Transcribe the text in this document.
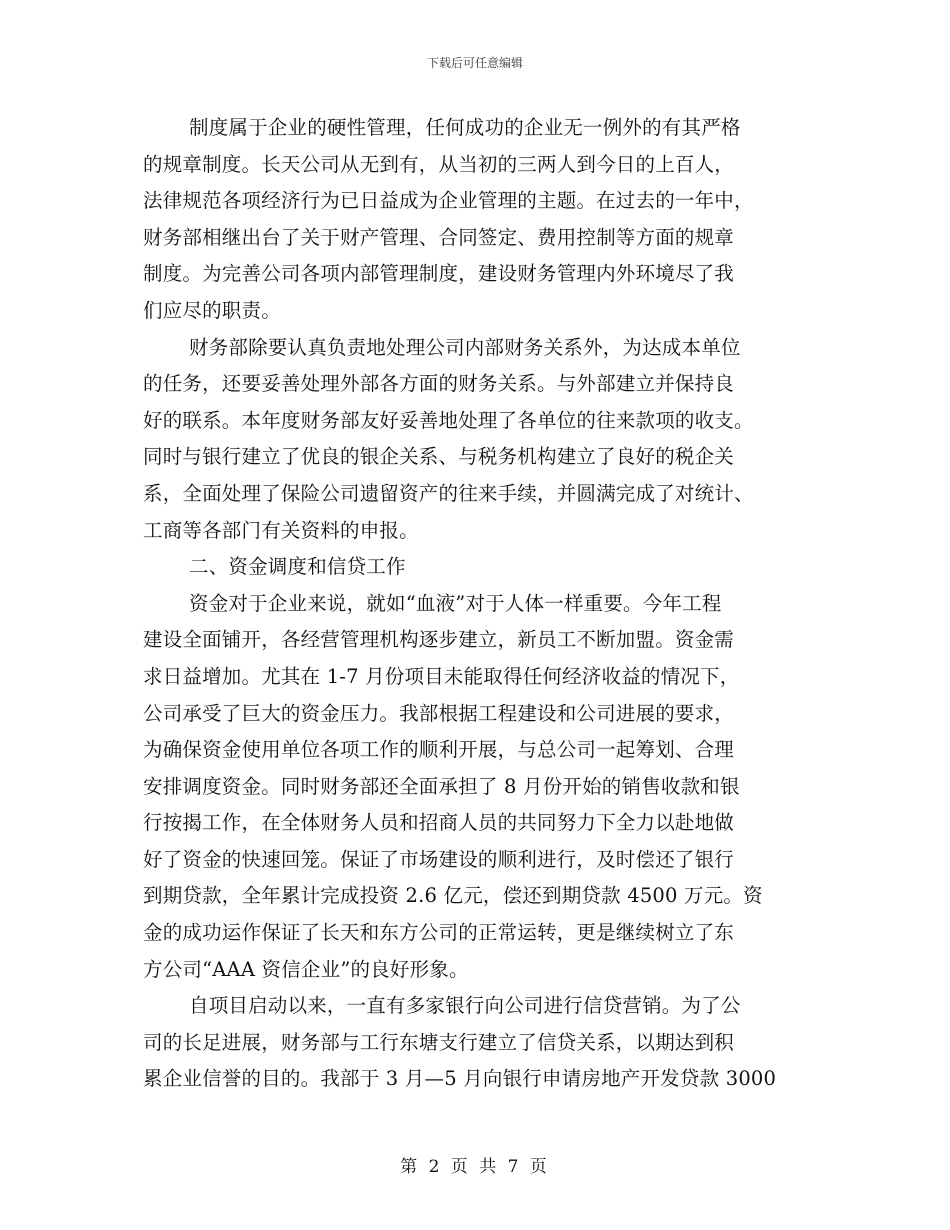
下载后可任意编辑
制度属于企业的硬性管理，任何成功的企业无一例外的有其严格
的规章制度。长天公司从无到有，从当初的三两人到今日的上百人，
法律规范各项经济行为已日益成为企业管理的主题。在过去的一年中，
财务部相继出台了关于财产管理、合同签定、费用控制等方面的规章
制度。为完善公司各项内部管理制度，建设财务管理内外环境尽了我
们应尽的职责。
财务部除要认真负责地处理公司内部财务关系外，为达成本单位
的任务，还要妥善处理外部各方面的财务关系。与外部建立并保持良
好的联系。本年度财务部友好妥善地处理了各单位的往来款项的收支。
同时与银行建立了优良的银企关系、与税务机构建立了良好的税企关
系，全面处理了保险公司遗留资产的往来手续，并圆满完成了对统计、
工商等各部门有关资料的申报。
二、资金调度和信贷工作
资金对于企业来说，就如“血液”对于人体一样重要。今年工程
建设全面铺开，各经营管理机构逐步建立，新员工不断加盟。资金需
求日益增加。尤其在 1-7 月份项目未能取得任何经济收益的情况下，
公司承受了巨大的资金压力。我部根据工程建设和公司进展的要求，
为确保资金使用单位各项工作的顺利开展，与总公司一起筹划、合理
安排调度资金。同时财务部还全面承担了 8 月份开始的销售收款和银
行按揭工作，在全体财务人员和招商人员的共同努力下全力以赴地做
好了资金的快速回笼。保证了市场建设的顺利进行，及时偿还了银行
到期贷款，全年累计完成投资 2.6 亿元，偿还到期贷款 4500 万元。资
金的成功运作保证了长天和东方公司的正常运转，更是继续树立了东
方公司“AAA 资信企业”的良好形象。
自项目启动以来，一直有多家银行向公司进行信贷营销。为了公
司的长足进展，财务部与工行东塘支行建立了信贷关系，以期达到积
累企业信誉的目的。我部于 3 月—5 月向银行申请房地产开发贷款 3000
第 2 页 共 7 页
